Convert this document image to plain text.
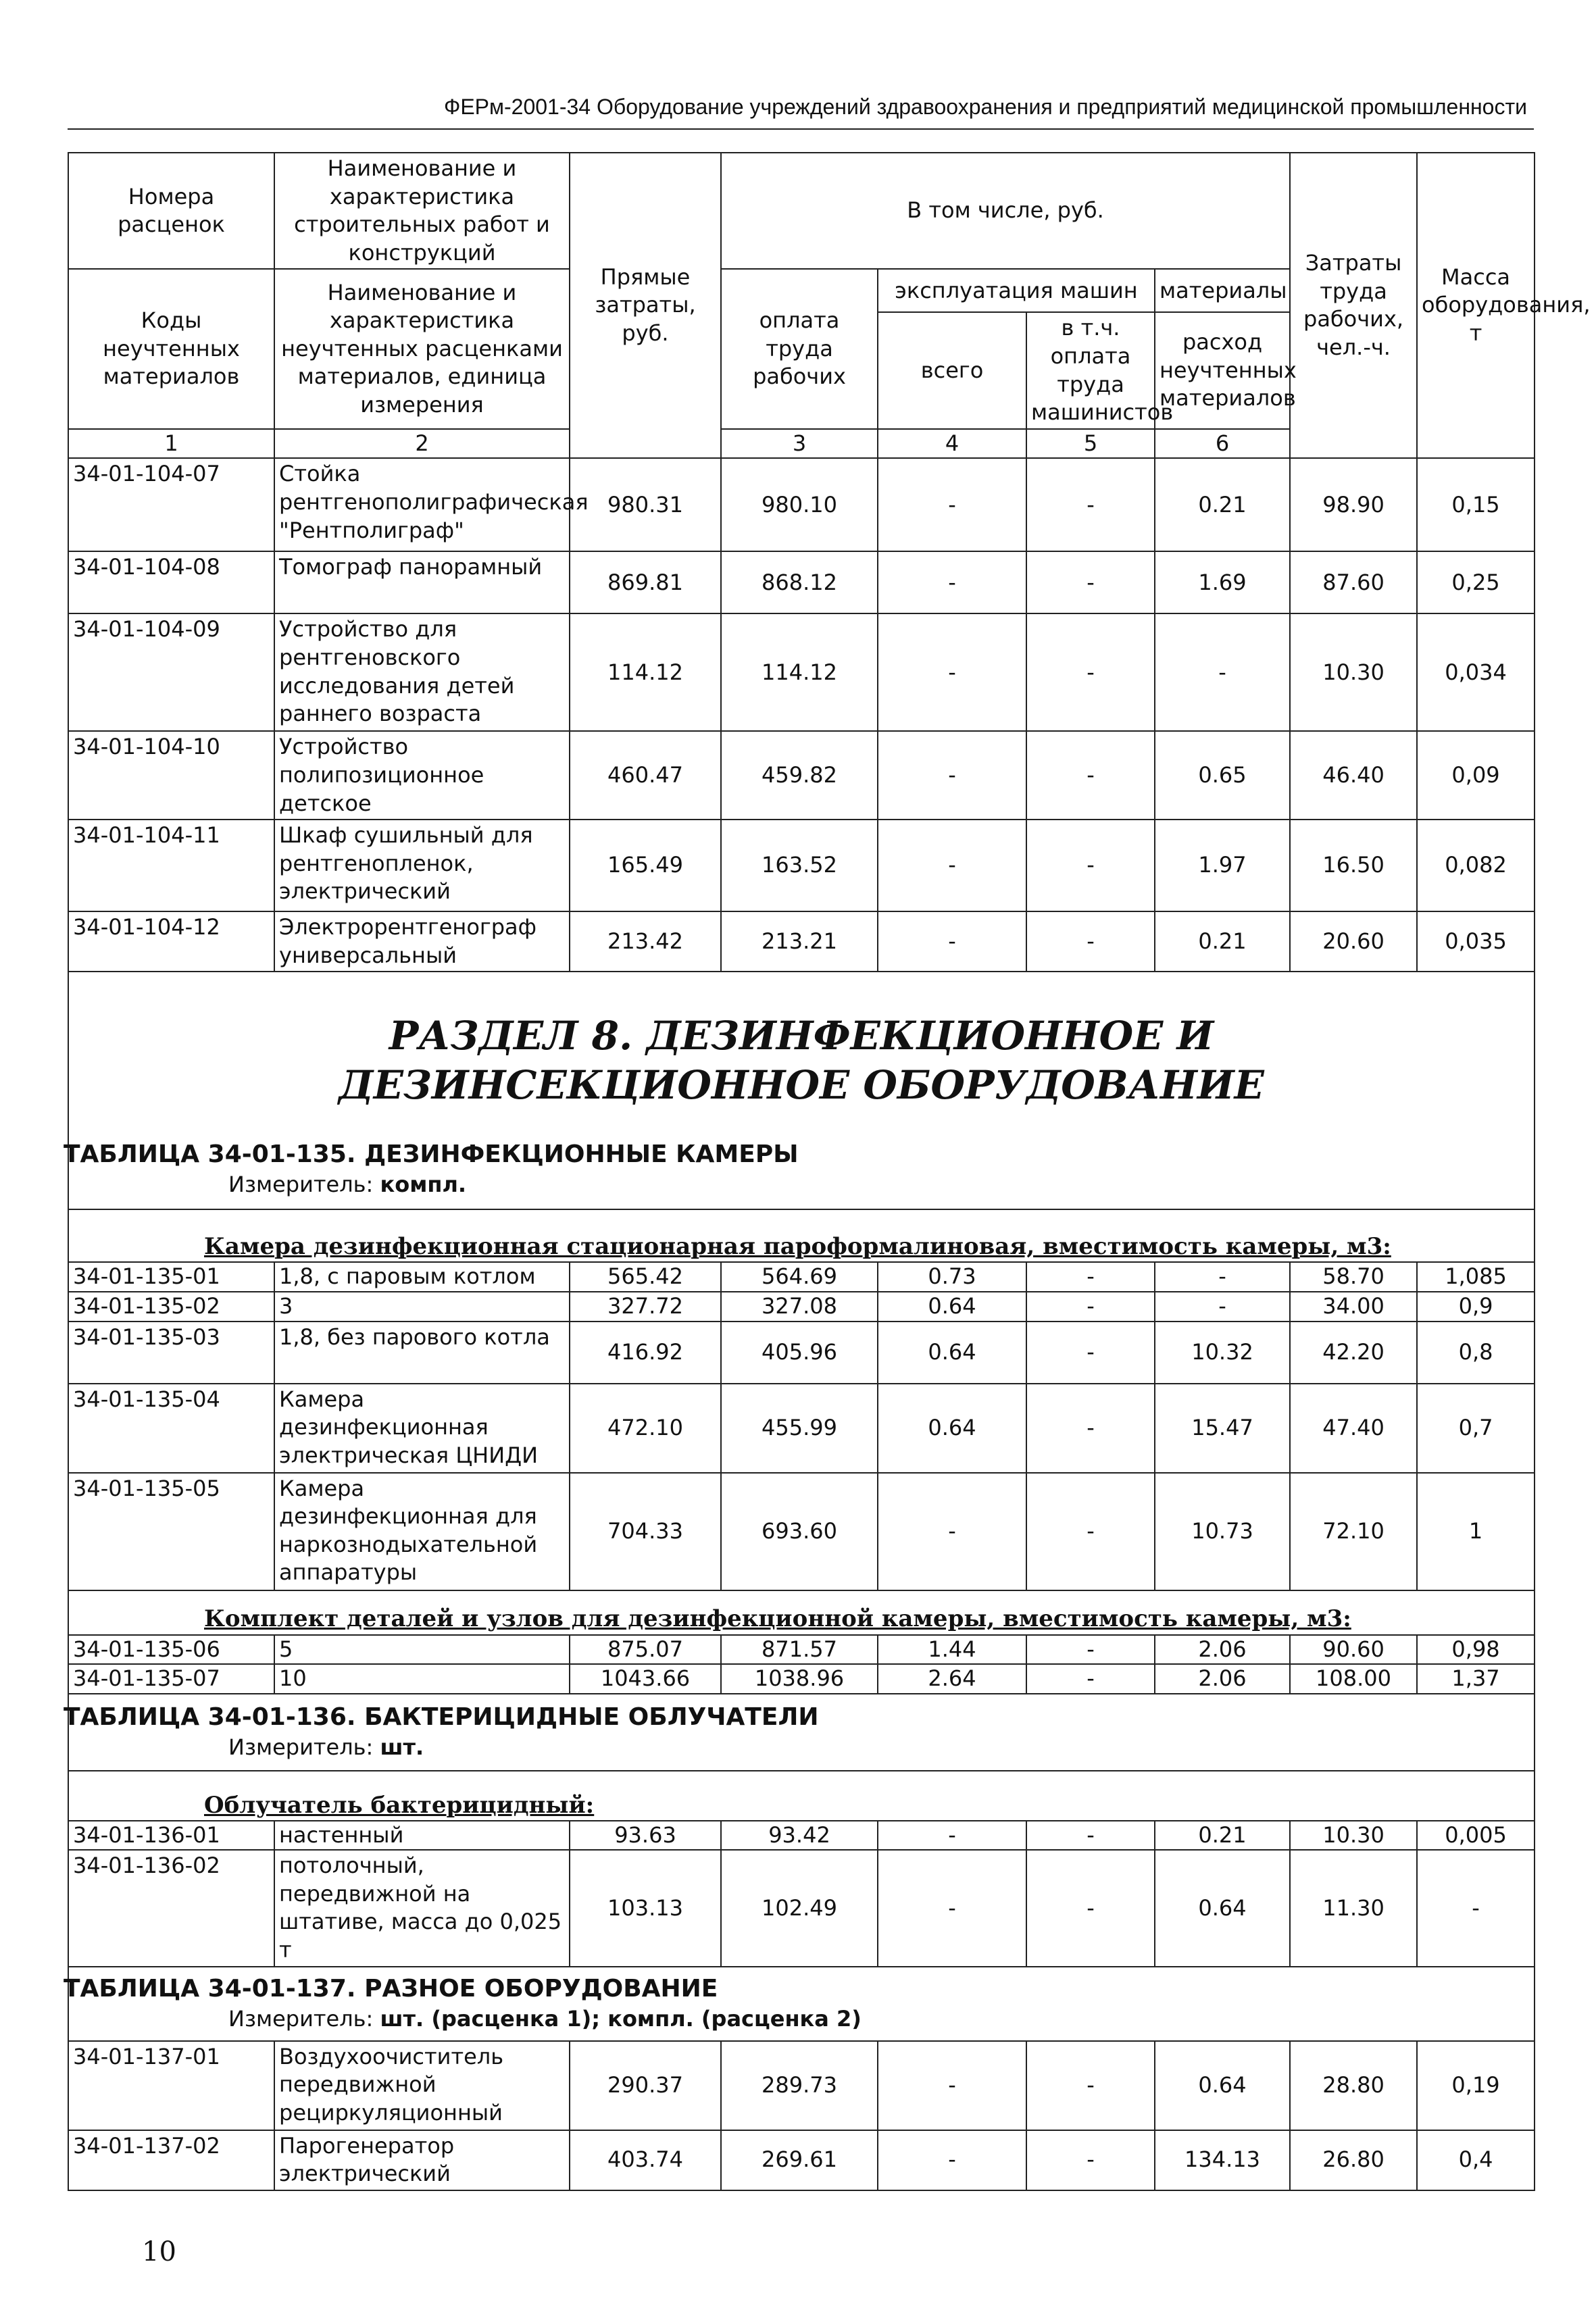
ФЕРм-2001-34 Оборудование учреждений здравоохранения и предприятий медицинской промышленности
Номера расценок	Наименование и характеристика строительных работ и конструкций	Прямые затраты, руб.	В том числе, руб.				Затраты труда рабочих, чел.-ч.	Масса оборудования, т	
Коды неучтенных материалов	Наименование и характеристика неучтенных расценками материалов, единица измерения		оплата труда рабочих	эксплуатация машин		материалы			
				всего	в т.ч. оплата труда машинистов	расход неучтенных материалов			
1	2		3	4	5	6			
34-01-104-07	Стойка рентгенополиграфическая "Рентполиграф"	980.31	980.10	-	-	0.21	98.90	0,15	
34-01-104-08	Томограф панорамный	869.81	868.12	-	-	1.69	87.60	0,25	
34-01-104-09	Устройство для рентгеновского исследования детей раннего возраста	114.12	114.12	-	-	-	10.30	0,034	
34-01-104-10	Устройство полипозиционное детское	460.47	459.82	-	-	0.65	46.40	0,09	
34-01-104-11	Шкаф сушильный для рентгенопленок, электрический	165.49	163.52	-	-	1.97	16.50	0,082	
34-01-104-12	Электрорентгенограф универсальный	213.42	213.21	-	-	0.21	20.60	0,035	

РАЗДЕЛ 8. ДЕЗИНФЕКЦИОННОЕ И ДЕЗИНСЕКЦИОННОЕ ОБОРУДОВАНИЕ
ТАБЛИЦА 34-01-135. ДЕЗИНФЕКЦИОННЫЕ КАМЕРЫ
Измеритель: компл.									

Камера дезинфекционная стационарная пароформалиновая, вместимость камеры, м3:									

34-01-135-01	1,8, с паровым котлом	565.42	564.69	0.73	-	-	58.70	1,085	
34-01-135-02	3	327.72	327.08	0.64	-	-	34.00	0,9	
34-01-135-03	1,8, без парового котла	416.92	405.96	0.64	-	10.32	42.20	0,8	
34-01-135-04	Камера дезинфекционная электрическая ЦНИДИ	472.10	455.99	0.64	-	15.47	47.40	0,7	
34-01-135-05	Камера дезинфекционная для наркознодыхательной аппаратуры	704.33	693.60	-	-	10.73	72.10	1	

Комплект деталей и узлов для дезинфекционной камеры, вместимость камеры, м3:									

34-01-135-06	5	875.07	871.57	1.44	-	2.06	90.60	0,98	
34-01-135-07	10	1043.66	1038.96	2.64	-	2.06	108.00	1,37	

ТАБЛИЦА 34-01-136. БАКТЕРИЦИДНЫЕ ОБЛУЧАТЕЛИ
Измеритель: шт.									

Облучатель бактерицидный:									

34-01-136-01	настенный	93.63	93.42	-	-	0.21	10.30	0,005	
34-01-136-02	потолочный, передвижной на штативе, масса до 0,025 т	103.13	102.49	-	-	0.64	11.30	-	

ТАБЛИЦА 34-01-137. РАЗНОЕ ОБОРУДОВАНИЕ
Измеритель: шт. (расценка 1); компл. (расценка 2)									

34-01-137-01	Воздухоочиститель передвижной рециркуляционный	290.37	289.73	-	-	0.64	28.80	0,19	
34-01-137-02	Парогенератор электрический	403.74	269.61	-	-	134.13	26.80	0,4	
10
